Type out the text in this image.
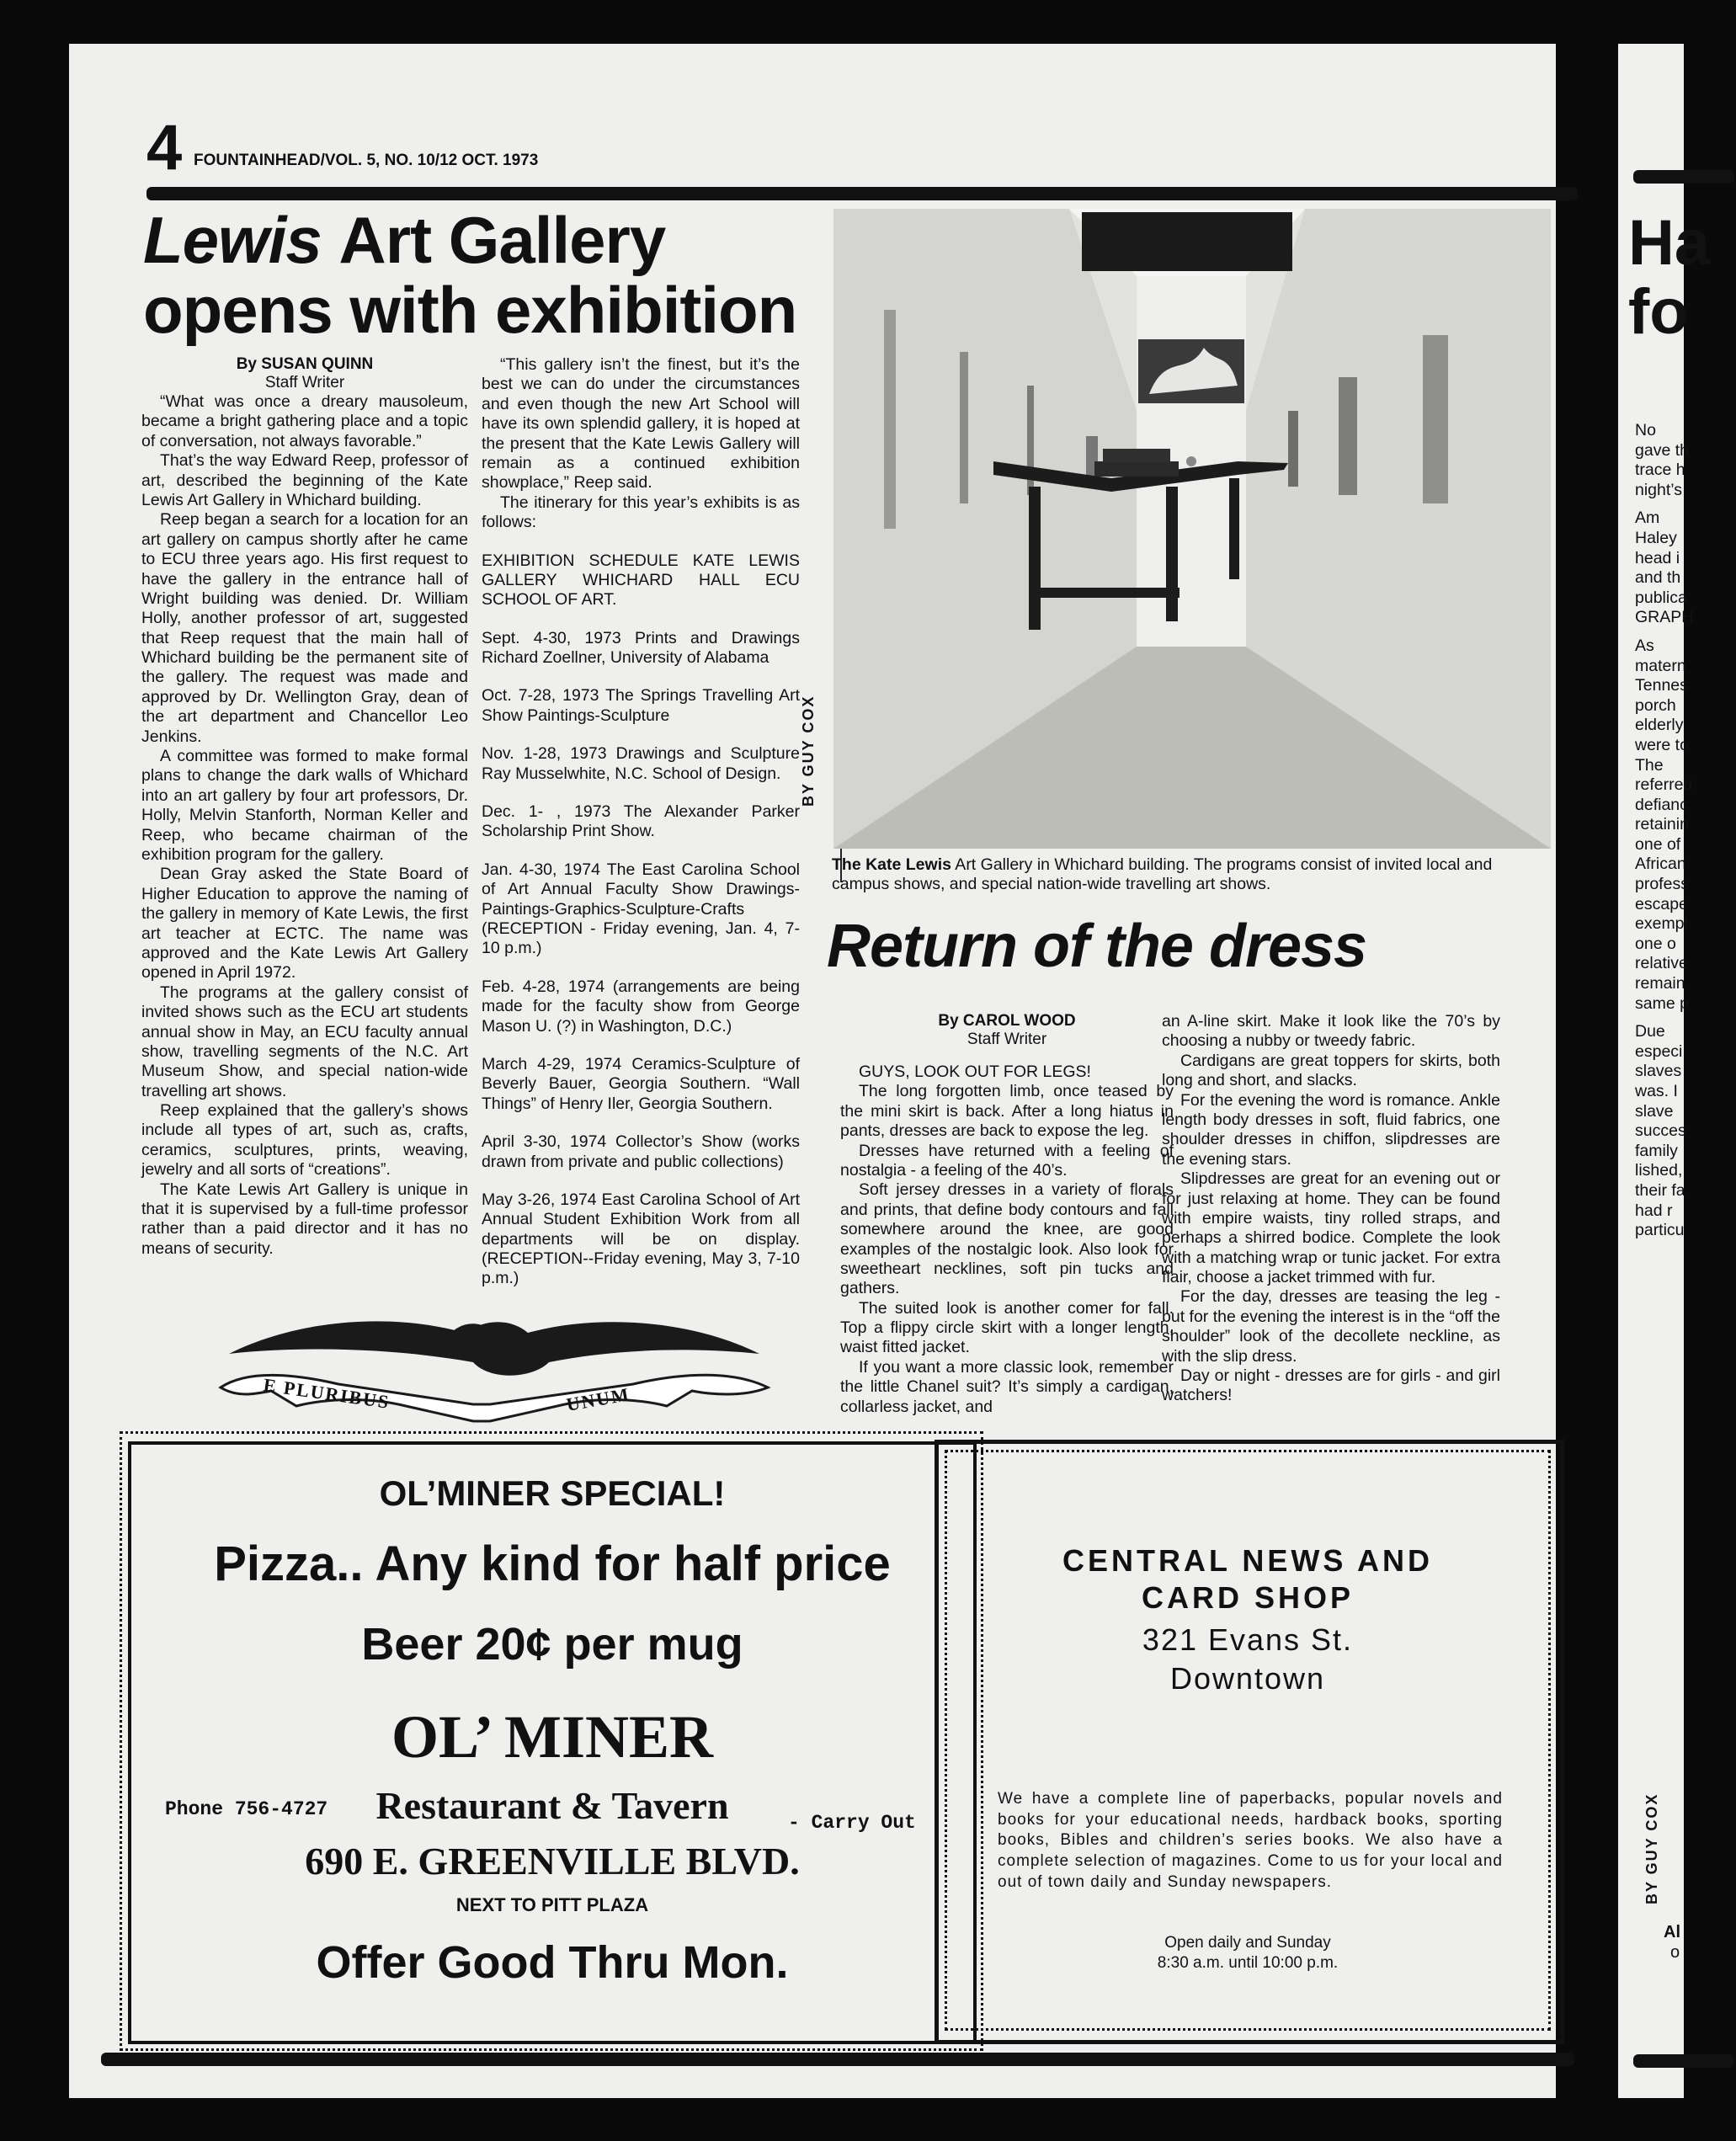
4 FOUNTAINHEAD/VOL. 5, NO. 10/12 OCT. 1973
Lewis Art Gallery
opens with exhibition
By SUSAN QUINN
Staff Writer

“What was once a dreary mausoleum, became a bright gathering place and a topic of conversation, not always favorable.”

That’s the way Edward Reep, professor of art, described the beginning of the Kate Lewis Art Gallery in Whichard building.

Reep began a search for a location for an art gallery on campus shortly after he came to ECU three years ago. His first request to have the gallery in the entrance hall of Wright building was denied. Dr. William Holly, another professor of art, suggested that Reep request that the main hall of Whichard building be the permanent site of the gallery. The request was made and approved by Dr. Wellington Gray, dean of the art department and Chancellor Leo Jenkins.

A committee was formed to make formal plans to change the dark walls of Whichard into an art gallery by four art professors, Dr. Holly, Melvin Stanforth, Norman Keller and Reep, who became chairman of the exhibition program for the gallery.

Dean Gray asked the State Board of Higher Education to approve the naming of the gallery in memory of Kate Lewis, the first art teacher at ECTC. The name was approved and the Kate Lewis Art Gallery opened in April 1972.

The programs at the gallery consist of invited shows such as the ECU art students annual show in May, an ECU faculty annual show, travelling segments of the N.C. Art Museum Show, and special nation-wide travelling art shows.

Reep explained that the gallery’s shows include all types of art, such as, crafts, ceramics, sculptures, prints, weaving, jewelry and all sorts of “creations”.

The Kate Lewis Art Gallery is unique in that it is supervised by a full-time professor rather than a paid director and it has no means of security.

“This gallery isn’t the finest, but it’s the best we can do under the circumstances and even though the new Art School will have its own splendid gallery, it is hoped at the present that the Kate Lewis Gallery will remain as a continued exhibition showplace,” Reep said.

The itinerary for this year’s exhibits is as follows:

EXHIBITION SCHEDULE KATE LEWIS GALLERY WHICHARD HALL ECU SCHOOL OF ART.

Sept. 4-30, 1973 Prints and Drawings Richard Zoellner, University of Alabama

Oct. 7-28, 1973 The Springs Travelling Art Show Paintings-Sculpture

Nov. 1-28, 1973 Drawings and Sculpture Ray Musselwhite, N.C. School of Design.

Dec. 1- , 1973 The Alexander Parker Scholarship Print Show.

Jan. 4-30, 1974 The East Carolina School of Art Annual Faculty Show Drawings-Paintings-Graphics-Sculpture-Crafts (RECEPTION - Friday evening, Jan. 4, 7-10 p.m.)

Feb. 4-28, 1974 (arrangements are being made for the faculty show from George Mason U. (?) in Washington, D.C.)

March 4-29, 1974 Ceramics-Sculpture of Beverly Bauer, Georgia Southern. “Wall Things” of Henry Iler, Georgia Southern.

April 3-30, 1974 Collector’s Show (works drawn from private and public collections)

May 3-26, 1974 East Carolina School of Art Annual Student Exhibition Work from all departments will be on display. (RECEPTION--Friday evening, May 3, 7-10 p.m.)

BY GUY COX
The Kate Lewis Art Gallery in Whichard building. The programs consist of invited local and campus shows, and special nation-wide travelling art shows.
Return of the dress
By CAROL WOOD
Staff Writer

GUYS, LOOK OUT FOR LEGS!

The long forgotten limb, once teased by the mini skirt is back. After a long hiatus in pants, dresses are back to expose the leg.

Dresses have returned with a feeling of nostalgia - a feeling of the 40’s.

Soft jersey dresses in a variety of florals and prints, that define body contours and fall somewhere around the knee, are good examples of the nostalgic look. Also look for sweetheart necklines, soft pin tucks and gathers.

The suited look is another comer for fall. Top a flippy circle skirt with a longer length, waist fitted jacket.

If you want a more classic look, remember the little Chanel suit? It’s simply a cardigan, collarless jacket, and

an A-line skirt. Make it look like the 70’s by choosing a nubby or tweedy fabric.

Cardigans are great toppers for skirts, both long and short, and slacks.

For the evening the word is romance. Ankle length body dresses in soft, fluid fabrics, one shoulder dresses in chiffon, slipdresses are the evening stars.

Slipdresses are great for an evening out or for just relaxing at home. They can be found with empire waists, tiny rolled straps, and perhaps a shirred bodice. Complete the look with a matching wrap or tunic jacket. For extra flair, choose a jacket trimmed with fur.

For the day, dresses are teasing the leg - but for the evening the interest is in the “off the shoulder” look of the decollete neckline, as with the slip dress.

Day or night - dresses are for girls - and girl watchers!

E PLURIBUS	UNUM
OL’MINER SPECIAL!
Pizza.. Any kind for half price
Beer 20¢ per mug
OL’ MINER
Restaurant & Tavern
690 E. GREENVILLE BLVD.
NEXT TO PITT PLAZA
Phone 756-4727
- Carry Out
Offer Good Thru Mon.
CENTRAL NEWS AND
CARD SHOP
321 Evans St.
Downtown
We have a complete line of paperbacks, popular novels and books for your educational needs, hardback books, sporting books, Bibles and children’s series books. We also have a complete selection of magazines. Come to us for your local and out of town daily and Sunday newspapers.
Open daily and Sunday
8:30 a.m. until 10:00 p.m.
Ha
fo
No
gave th
trace h
night’s
Am
Haley
head i
and th
publica
GRAPH
As
matern
Tennes
porch
elderly
were to
The
referred
defianc
retainin
one of
African
profess
escape
exempt
one o
relative
remain
same p
Due
especi
slaves
was. I
slave
succes
family
lished,
their fa
had r
particu
BY GUY COX
Al
o
